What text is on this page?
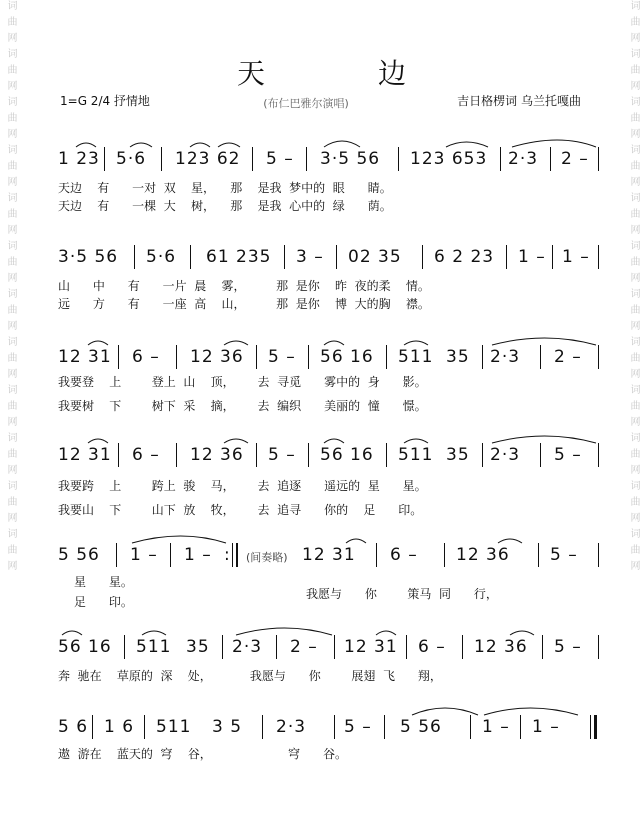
词曲网词曲网词曲网词曲网词曲网词曲网词曲网词曲网词曲网词曲网词曲网词曲网	词曲网词曲网词曲网词曲网词曲网词曲网词曲网词曲网词曲网词曲网词曲网词曲网
天 边
1=G 2/4 抒情地	(布仁巴雅尔演唱)	吉日格楞词 乌兰托嘎曲
1 23 5·6 123 62 5 – 3·5 56 123 653 2·3 2 –
天边    有      一对  双    星，    那    是我  梦中的  眼      睛。
天边    有      一棵  大    树，    那    是我  心中的  绿      荫。
3·5 56 5·6 61 235 3 – 02 35 6 2 23 1 – 1 –
山      中      有      一片  晨    雾，        那  是你    昨  夜的柔    情。
远      方      有      一座  高    山，        那  是你    博  大的胸    襟。
12 31 6 – 12 36 5 – 56 16 511 35 2·3 2 –
我要登    上        登上  山    顶，      去  寻觅      雾中的  身      影。
我要树    下        树下  采    摘，      去  编织      美丽的  憧      憬。
12 31 6 – 12 36 5 – 56 16 511 35 2·3 5 –
我要跨    上        跨上  骏    马，      去  追逐      遥远的  星      星。
我要山    下        山下  放    牧，      去  追寻      你的    足      印。
5 56 1 – 1 – : (间奏略) 12 31 6 – 12 36 5 –
星      星。
足      印。
我愿与      你        策马  同      行，
56 16 511 35 2·3 2 – 12 31 6 – 12 36 5 –
奔  驰在    草原的  深    处，          我愿与      你        展翅  飞      翔，
5 6 1 6 511 3 5 2·3 5 – 5 56 1 – 1 –
遨  游在    蓝天的  穹    谷，                    穹      谷。
